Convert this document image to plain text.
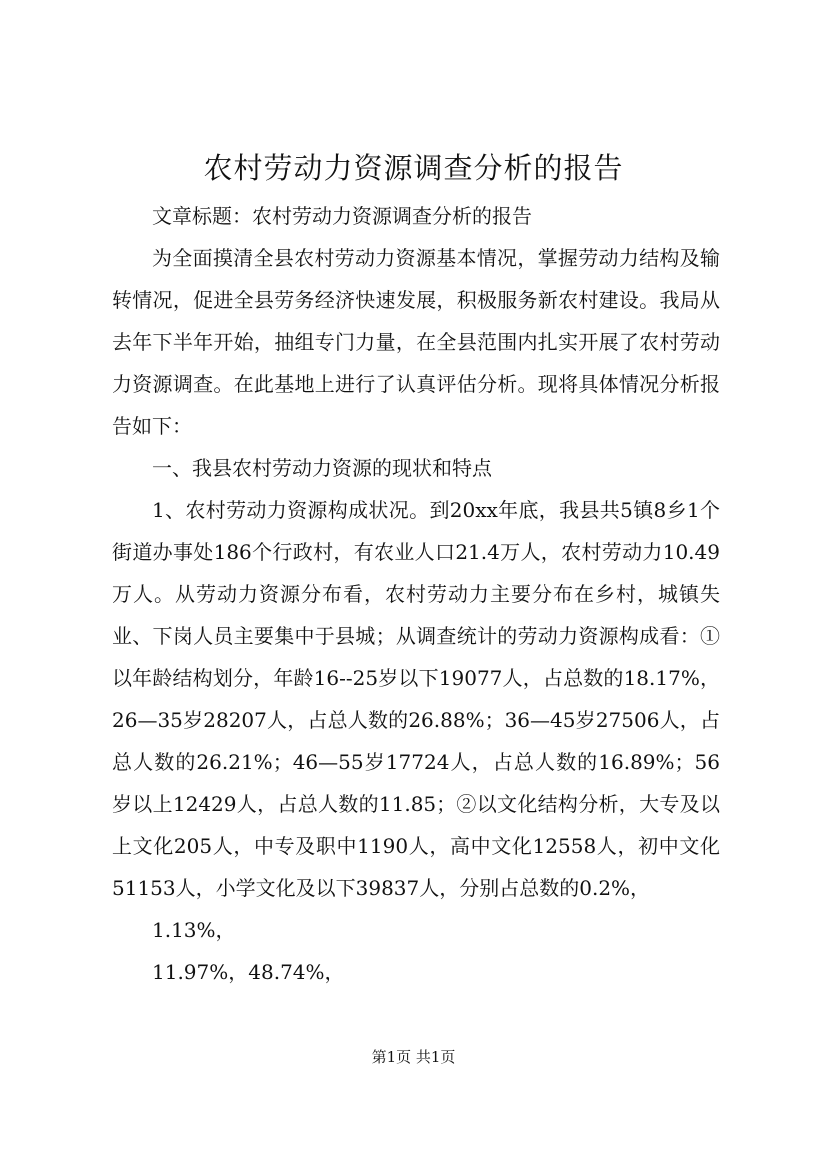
农村劳动力资源调查分析的报告

文章标题：农村劳动力资源调查分析的报告

为全面摸清全县农村劳动力资源基本情况，掌握劳动力结构及输转情况，促进全县劳务经济快速发展，积极服务新农村建设。我局从去年下半年开始，抽组专门力量，在全县范围内扎实开展了农村劳动力资源调查。在此基地上进行了认真评估分析。现将具体情况分析报告如下：

一、我县农村劳动力资源的现状和特点

1、农村劳动力资源构成状况。到20xx年底，我县共5镇8乡1个街道办事处186个行政村，有农业人口21.4万人，农村劳动力10.49万人。从劳动力资源分布看，农村劳动力主要分布在乡村，城镇失业、下岗人员主要集中于县城；从调查统计的劳动力资源构成看：①以年龄结构划分，年龄16--25岁以下19077人，占总数的18.17%，26—35岁28207人，占总人数的26.88%；36—45岁27506人，占总人数的26.21%；46—55岁17724人，占总人数的16.89%；56岁以上12429人，占总人数的11.85；②以文化结构分析，大专及以上文化205人，中专及职中1190人，高中文化12558人，初中文化51153人，小学文化及以下39837人，分别占总数的0.2%，

1.13%，

11.97%，48.74%，

第1页 共1页
